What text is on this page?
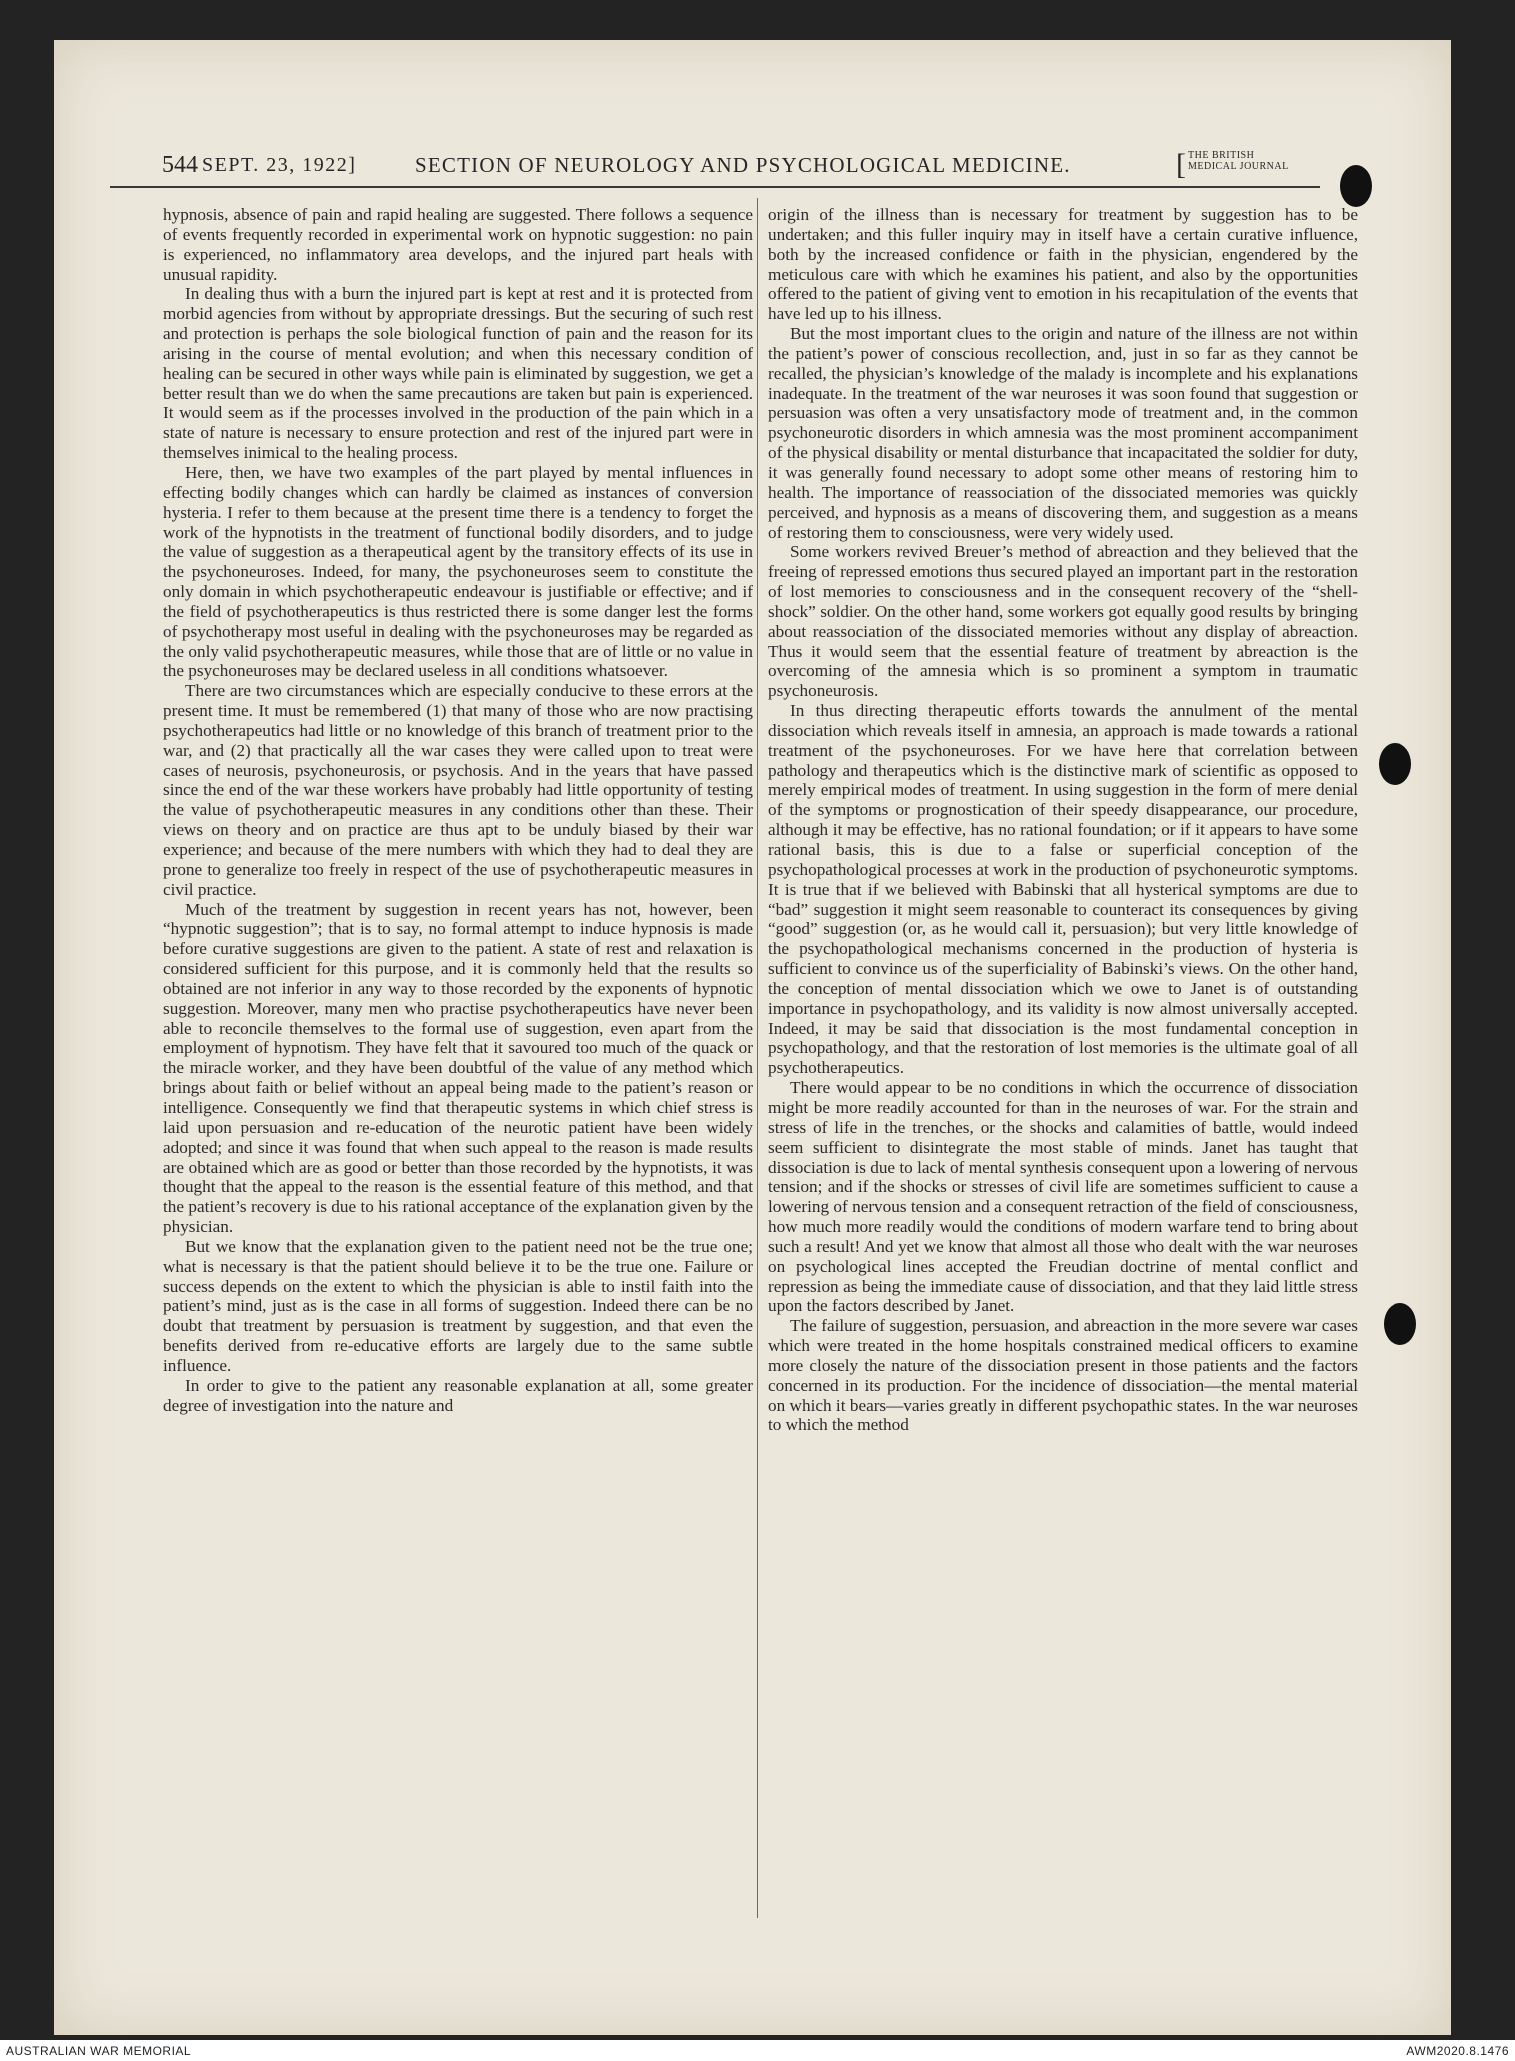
544 SEPT. 23, 1922]	SECTION OF NEUROLOGY AND PSYCHOLOGICAL MEDICINE.	[ THE BRITISH
MEDICAL JOURNAL

hypnosis, absence of pain and rapid healing are suggested. There follows a sequence of events frequently recorded in experimental work on hypnotic suggestion: no pain is experienced, no inflammatory area develops, and the injured part heals with unusual rapidity.

In dealing thus with a burn the injured part is kept at rest and it is protected from morbid agencies from without by appropriate dressings. But the securing of such rest and protection is perhaps the sole biological function of pain and the reason for its arising in the course of mental evolution; and when this necessary condition of healing can be secured in other ways while pain is eliminated by suggestion, we get a better result than we do when the same precautions are taken but pain is experienced. It would seem as if the processes involved in the production of the pain which in a state of nature is necessary to ensure protection and rest of the injured part were in themselves inimical to the healing process.

Here, then, we have two examples of the part played by mental influences in effecting bodily changes which can hardly be claimed as instances of conversion hysteria. I refer to them because at the present time there is a tendency to forget the work of the hypnotists in the treatment of functional bodily disorders, and to judge the value of suggestion as a therapeutical agent by the transitory effects of its use in the psychoneuroses. Indeed, for many, the psychoneuroses seem to constitute the only domain in which psychotherapeutic endeavour is justifiable or effective; and if the field of psychotherapeutics is thus restricted there is some danger lest the forms of psychotherapy most useful in dealing with the psychoneuroses may be regarded as the only valid psychotherapeutic measures, while those that are of little or no value in the psychoneuroses may be declared useless in all conditions whatsoever.

There are two circumstances which are especially conducive to these errors at the present time. It must be remembered (1) that many of those who are now practising psychotherapeutics had little or no knowledge of this branch of treatment prior to the war, and (2) that practically all the war cases they were called upon to treat were cases of neurosis, psychoneurosis, or psychosis. And in the years that have passed since the end of the war these workers have probably had little opportunity of testing the value of psychotherapeutic measures in any conditions other than these. Their views on theory and on practice are thus apt to be unduly biased by their war experience; and because of the mere numbers with which they had to deal they are prone to generalize too freely in respect of the use of psychotherapeutic measures in civil practice.

Much of the treatment by suggestion in recent years has not, however, been “hypnotic suggestion”; that is to say, no formal attempt to induce hypnosis is made before curative suggestions are given to the patient. A state of rest and relaxation is considered sufficient for this purpose, and it is commonly held that the results so obtained are not inferior in any way to those recorded by the exponents of hypnotic suggestion. Moreover, many men who practise psychotherapeutics have never been able to reconcile themselves to the formal use of suggestion, even apart from the employment of hypnotism. They have felt that it savoured too much of the quack or the miracle worker, and they have been doubtful of the value of any method which brings about faith or belief without an appeal being made to the patient’s reason or intelligence. Consequently we find that therapeutic systems in which chief stress is laid upon persuasion and re-education of the neurotic patient have been widely adopted; and since it was found that when such appeal to the reason is made results are obtained which are as good or better than those recorded by the hypnotists, it was thought that the appeal to the reason is the essential feature of this method, and that the patient’s recovery is due to his rational acceptance of the explanation given by the physician.

But we know that the explanation given to the patient need not be the true one; what is necessary is that the patient should believe it to be the true one. Failure or success depends on the extent to which the physician is able to instil faith into the patient’s mind, just as is the case in all forms of suggestion. Indeed there can be no doubt that treatment by persuasion is treatment by suggestion, and that even the benefits derived from re-educative efforts are largely due to the same subtle influence.

In order to give to the patient any reasonable explanation at all, some greater degree of investigation into the nature and

origin of the illness than is necessary for treatment by suggestion has to be undertaken; and this fuller inquiry may in itself have a certain curative influence, both by the increased confidence or faith in the physician, engendered by the meticulous care with which he examines his patient, and also by the opportunities offered to the patient of giving vent to emotion in his recapitulation of the events that have led up to his illness.

But the most important clues to the origin and nature of the illness are not within the patient’s power of conscious recollection, and, just in so far as they cannot be recalled, the physician’s knowledge of the malady is incomplete and his explanations inadequate. In the treatment of the war neuroses it was soon found that suggestion or persuasion was often a very unsatisfactory mode of treatment and, in the common psychoneurotic disorders in which amnesia was the most prominent accompaniment of the physical disability or mental disturbance that incapacitated the soldier for duty, it was generally found necessary to adopt some other means of restoring him to health. The importance of reassociation of the dissociated memories was quickly perceived, and hypnosis as a means of discovering them, and suggestion as a means of restoring them to consciousness, were very widely used.

Some workers revived Breuer’s method of abreaction and they believed that the freeing of repressed emotions thus secured played an important part in the restoration of lost memories to consciousness and in the consequent recovery of the “shell-shock” soldier. On the other hand, some workers got equally good results by bringing about reassociation of the dissociated memories without any display of abreaction. Thus it would seem that the essential feature of treatment by abreaction is the overcoming of the amnesia which is so prominent a symptom in traumatic psychoneurosis.

In thus directing therapeutic efforts towards the annulment of the mental dissociation which reveals itself in amnesia, an approach is made towards a rational treatment of the psychoneuroses. For we have here that correlation between pathology and therapeutics which is the distinctive mark of scientific as opposed to merely empirical modes of treatment. In using suggestion in the form of mere denial of the symptoms or prognostication of their speedy disappearance, our procedure, although it may be effective, has no rational foundation; or if it appears to have some rational basis, this is due to a false or superficial conception of the psychopathological processes at work in the production of psychoneurotic symptoms. It is true that if we believed with Babinski that all hysterical symptoms are due to “bad” suggestion it might seem reasonable to counteract its consequences by giving “good” suggestion (or, as he would call it, persuasion); but very little knowledge of the psychopathological mechanisms concerned in the production of hysteria is sufficient to convince us of the superficiality of Babinski’s views. On the other hand, the conception of mental dissociation which we owe to Janet is of outstanding importance in psychopathology, and its validity is now almost universally accepted. Indeed, it may be said that dissociation is the most fundamental conception in psychopathology, and that the restoration of lost memories is the ultimate goal of all psychotherapeutics.

There would appear to be no conditions in which the occurrence of dissociation might be more readily accounted for than in the neuroses of war. For the strain and stress of life in the trenches, or the shocks and calamities of battle, would indeed seem sufficient to disintegrate the most stable of minds. Janet has taught that dissociation is due to lack of mental synthesis consequent upon a lowering of nervous tension; and if the shocks or stresses of civil life are sometimes sufficient to cause a lowering of nervous tension and a consequent retraction of the field of consciousness, how much more readily would the conditions of modern warfare tend to bring about such a result! And yet we know that almost all those who dealt with the war neuroses on psychological lines accepted the Freudian doctrine of mental conflict and repression as being the immediate cause of dissociation, and that they laid little stress upon the factors described by Janet.

The failure of suggestion, persuasion, and abreaction in the more severe war cases which were treated in the home hospitals constrained medical officers to examine more closely the nature of the dissociation present in those patients and the factors concerned in its production. For the incidence of dissociation—the mental material on which it bears—varies greatly in different psychopathic states. In the war neuroses to which the method

AUSTRALIAN WAR MEMORIAL	AWM2020.8.1476
